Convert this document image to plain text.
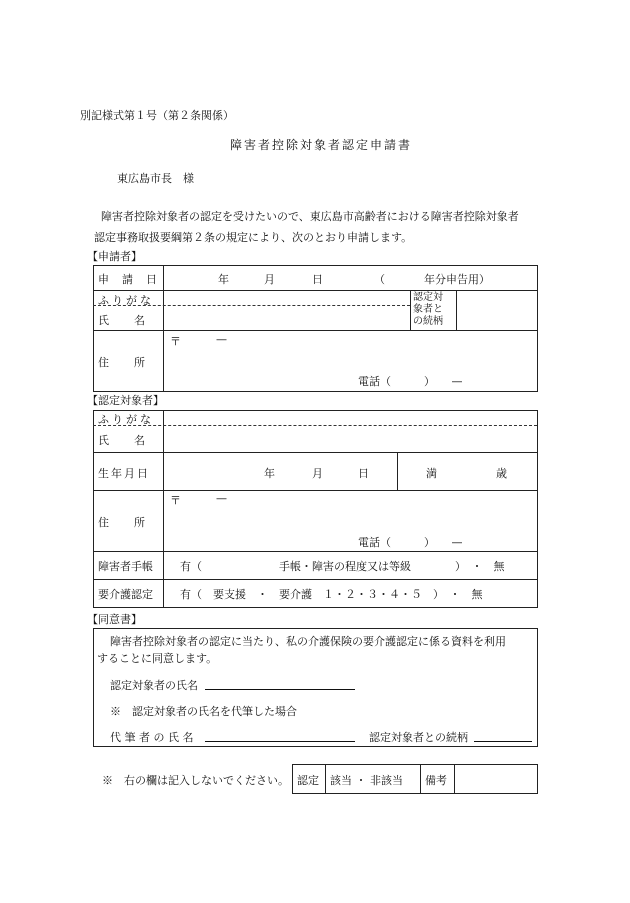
別記様式第１号（第２条関係）
障害者控除対象者認定申請書
東広島市長　様
障害者控除対象者の認定を受けたいので、東広島市高齢者における障害者控除対象者
認定事務取扱要綱第２条の規定により、次のとおり申請します。
【申請者】
申　請　日	年	月	日	（	年分申告用）
ふりがな
氏　　名
認定対
象者と
の続柄
〒	—
住　　所
電話（　　　）　　—
【認定対象者】
ふりがな
氏　　名
生年月日	年	月	日	満	歳
〒	—
住　　所
電話（　　　）　　—
障害者手帳 有（　　　　　　　手帳・障害の程度又は等級　　　　）　・　無
要介護認定 有（　要支援　・　要介護　１・２・３・４・５　）　・　無
【同意書】
障害者控除対象者の認定に当たり、私の介護保険の要介護認定に係る資料を利用
することに同意します。
認定対象者の氏名
※　認定対象者の氏名を代筆した場合
代 筆 者 の 氏 名	認定対象者との続柄
※　右の欄は記入しないでください。 認定 該当 ・ 非該当 備考
